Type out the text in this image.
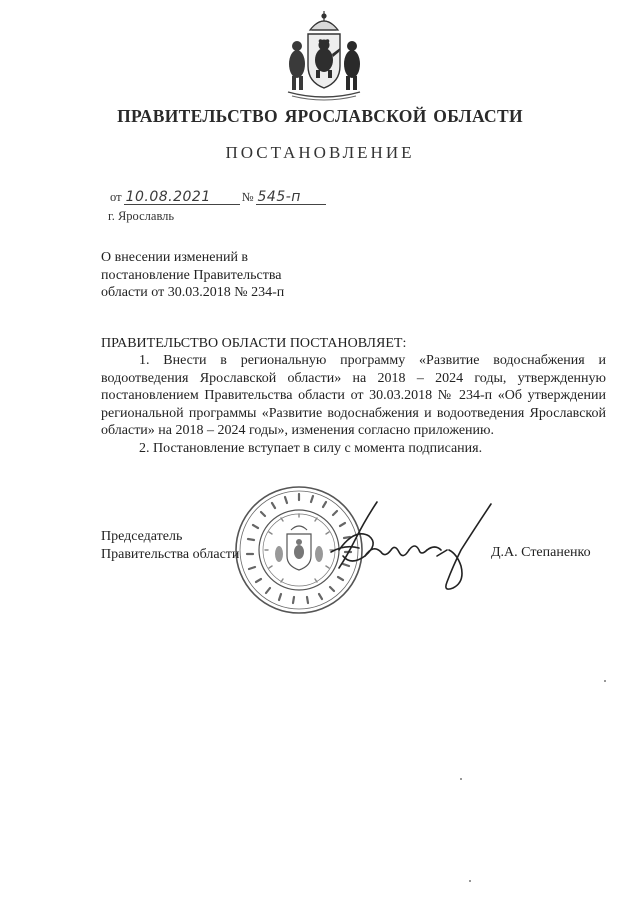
ПРАВИТЕЛЬСТВО ЯРОСЛАВСКОЙ ОБЛАСТИ
ПОСТАНОВЛЕНИЕ
от 10.08.2021	№ 545-п
г. Ярославль
О внесении изменений в
постановление Правительства
области от 30.03.2018 № 234-п
ПРАВИТЕЛЬСТВО ОБЛАСТИ ПОСТАНОВЛЯЕТ:

1. Внести в региональную программу «Развитие водоснабжения и водоотведения Ярославской области» на 2018 – 2024 годы, утвержденную постановлением Правительства области от 30.03.2018 № 234-п «Об утверждении региональной программы «Развитие водоснабжения и водоотведения Ярославской области» на 2018 – 2024 годы», изменения согласно приложению.

2. Постановление вступает в силу с момента подписания.

Председатель
Правительства области	Д.А. Степаненко
